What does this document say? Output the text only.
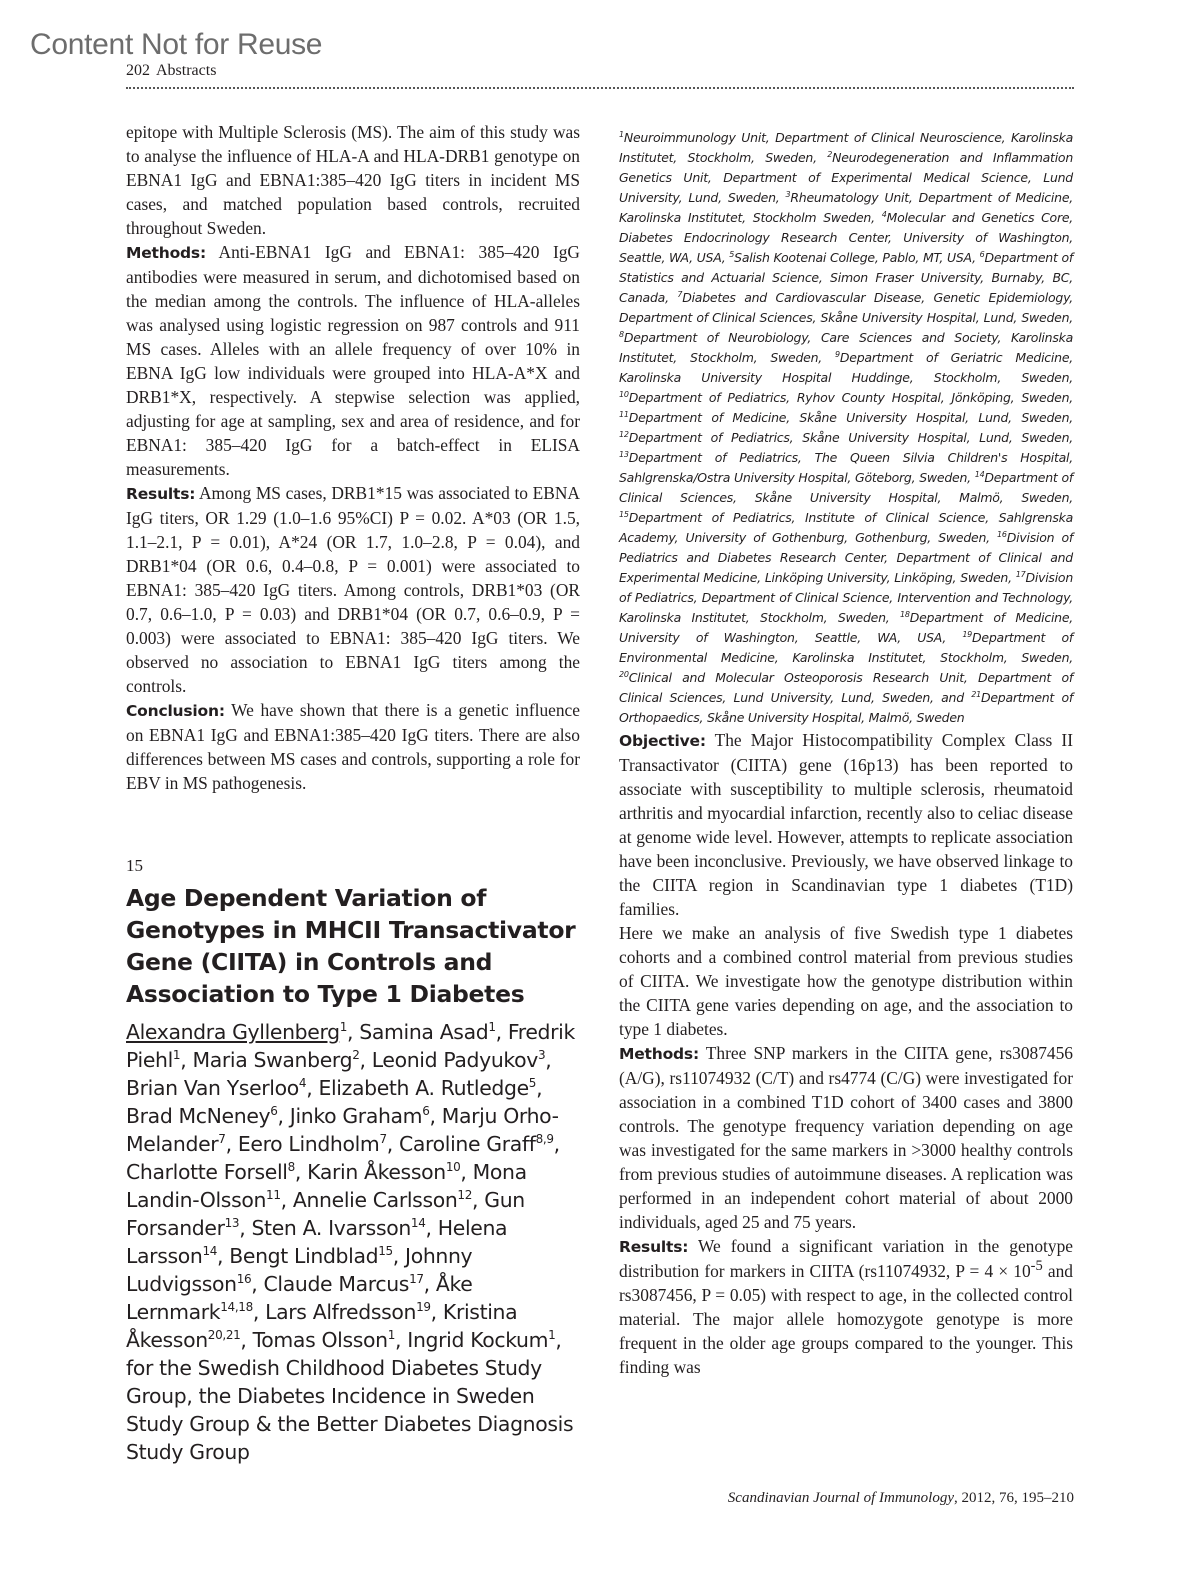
Content Not for Reuse
202 Abstracts

epitope with Multiple Sclerosis (MS). The aim of this study was to analyse the influence of HLA-A and HLA-DRB1 genotype on EBNA1 IgG and EBNA1:385–420 IgG titers in incident MS cases, and matched population based controls, recruited throughout Sweden.

Methods: Anti-EBNA1 IgG and EBNA1: 385–420 IgG antibodies were measured in serum, and dichotomised based on the median among the controls. The influence of HLA-alleles was analysed using logistic regression on 987 controls and 911 MS cases. Alleles with an allele frequency of over 10% in EBNA IgG low individuals were grouped into HLA-A*X and DRB1*X, respectively. A stepwise selection was applied, adjusting for age at sampling, sex and area of residence, and for EBNA1: 385–420 IgG for a batch-effect in ELISA measurements.

Results: Among MS cases, DRB1*15 was associated to EBNA IgG titers, OR 1.29 (1.0–1.6 95%CI) P = 0.02. A*03 (OR 1.5, 1.1–2.1, P = 0.01), A*24 (OR 1.7, 1.0–2.8, P = 0.04), and DRB1*04 (OR 0.6, 0.4–0.8, P = 0.001) were associated to EBNA1: 385–420 IgG titers. Among controls, DRB1*03 (OR 0.7, 0.6–1.0, P = 0.03) and DRB1*04 (OR 0.7, 0.6–0.9, P = 0.003) were associated to EBNA1: 385–420 IgG titers. We observed no association to EBNA1 IgG titers among the controls.

Conclusion: We have shown that there is a genetic influence on EBNA1 IgG and EBNA1:385–420 IgG titers. There are also differences between MS cases and controls, supporting a role for EBV in MS pathogenesis.

15
Age Dependent Variation of Genotypes in MHCII Transactivator Gene (CIITA) in Controls and Association to Type 1 Diabetes

Alexandra Gyllenberg$^1$, Samina Asad$^1$, Fredrik Piehl$^1$, Maria Swanberg$^2$, Leonid Padyukov$^3$, Brian Van Yserloo$^4$, Elizabeth A. Rutledge$^5$, Brad McNeney$^6$, Jinko Graham$^6$, Marju Orho-Melander$^7$, Eero Lindholm$^7$, Caroline Graff$^{8,9}$, Charlotte Forsell$^8$, Karin Åkesson$^{10}$, Mona Landin-Olsson$^{11}$, Annelie Carlsson$^{12}$, Gun Forsander$^{13}$, Sten A. Ivarsson$^{14}$, Helena Larsson$^{14}$, Bengt Lindblad$^{15}$, Johnny Ludvigsson$^{16}$, Claude Marcus$^{17}$, Åke Lernmark$^{14,18}$, Lars Alfredsson$^{19}$, Kristina Åkesson$^{20,21}$, Tomas Olsson$^1$, Ingrid Kockum$^1$, for the Swedish Childhood Diabetes Study Group, the Diabetes Incidence in Sweden Study Group & the Better Diabetes Diagnosis Study Group

$^1$Neuroimmunology Unit, Department of Clinical Neuroscience, Karolinska Institutet, Stockholm, Sweden, $^2$Neurodegeneration and Inflammation Genetics Unit, Department of Experimental Medical Science, Lund University, Lund, Sweden, $^3$Rheumatology Unit, Department of Medicine, Karolinska Institutet, Stockholm Sweden, $^4$Molecular and Genetics Core, Diabetes Endocrinology Research Center, University of Washington, Seattle, WA, USA, $^5$Salish Kootenai College, Pablo, MT, USA, $^6$Department of Statistics and Actuarial Science, Simon Fraser University, Burnaby, BC, Canada, $^7$Diabetes and Cardiovascular Disease, Genetic Epidemiology, Department of Clinical Sciences, Skåne University Hospital, Lund, Sweden, $^8$Department of Neurobiology, Care Sciences and Society, Karolinska Institutet, Stockholm, Sweden, $^9$Department of Geriatric Medicine, Karolinska University Hospital Huddinge, Stockholm, Sweden, $^{10}$Department of Pediatrics, Ryhov County Hospital, Jönköping, Sweden, $^{11}$Department of Medicine, Skåne University Hospital, Lund, Sweden, $^{12}$Department of Pediatrics, Skåne University Hospital, Lund, Sweden, $^{13}$Department of Pediatrics, The Queen Silvia Children's Hospital, Sahlgrenska/Ostra University Hospital, Göteborg, Sweden, $^{14}$Department of Clinical Sciences, Skåne University Hospital, Malmö, Sweden, $^{15}$Department of Pediatrics, Institute of Clinical Science, Sahlgrenska Academy, University of Gothenburg, Gothenburg, Sweden, $^{16}$Division of Pediatrics and Diabetes Research Center, Department of Clinical and Experimental Medicine, Linköping University, Linköping, Sweden, $^{17}$Division of Pediatrics, Department of Clinical Science, Intervention and Technology, Karolinska Institutet, Stockholm, Sweden, $^{18}$Department of Medicine, University of Washington, Seattle, WA, USA, $^{19}$Department of Environmental Medicine, Karolinska Institutet, Stockholm, Sweden, $^{20}$Clinical and Molecular Osteoporosis Research Unit, Department of Clinical Sciences, Lund University, Lund, Sweden, and $^{21}$Department of Orthopaedics, Skåne University Hospital, Malmö, Sweden

Objective: The Major Histocompatibility Complex Class II Transactivator (CIITA) gene (16p13) has been reported to associate with susceptibility to multiple sclerosis, rheumatoid arthritis and myocardial infarction, recently also to celiac disease at genome wide level. However, attempts to replicate association have been inconclusive. Previously, we have observed linkage to the CIITA region in Scandinavian type 1 diabetes (T1D) families.

Here we make an analysis of five Swedish type 1 diabetes cohorts and a combined control material from previous studies of CIITA. We investigate how the genotype distribution within the CIITA gene varies depending on age, and the association to type 1 diabetes.

Methods: Three SNP markers in the CIITA gene, rs3087456 (A/G), rs11074932 (C/T) and rs4774 (C/G) were investigated for association in a combined T1D cohort of 3400 cases and 3800 controls. The genotype frequency variation depending on age was investigated for the same markers in >3000 healthy controls from previous studies of autoimmune diseases. A replication was performed in an independent cohort material of about 2000 individuals, aged 25 and 75 years.

Results: We found a significant variation in the genotype distribution for markers in CIITA (rs11074932, $P = 4 \times 10^{-5}$ and rs3087456, P = 0.05) with respect to age, in the collected control material. The major allele homozygote genotype is more frequent in the older age groups compared to the younger. This finding was

Scandinavian Journal of Immunology, 2012, 76, 195–210
